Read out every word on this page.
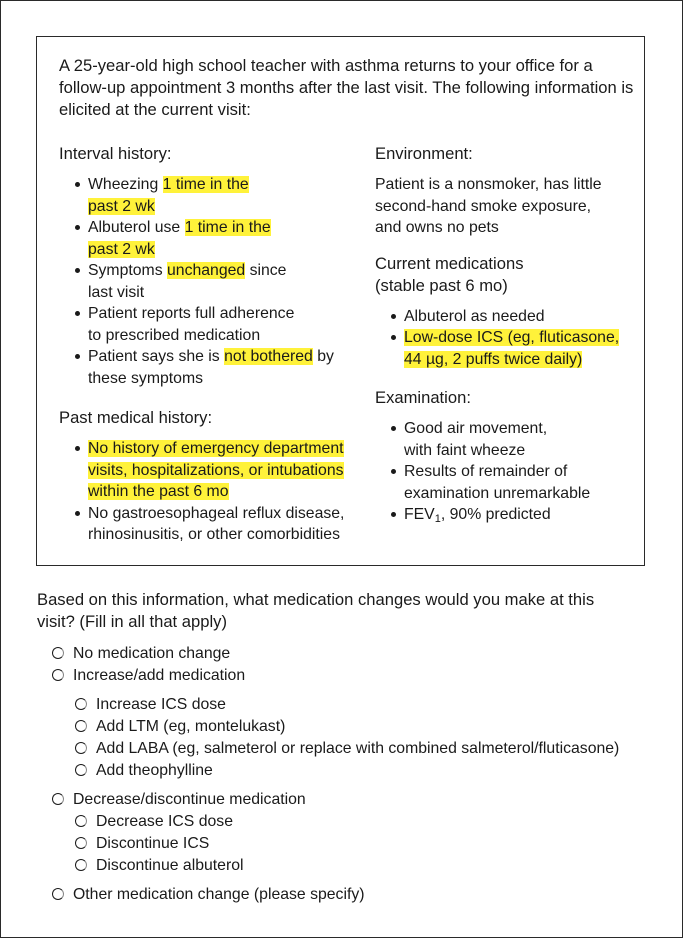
A 25-year-old high school teacher with asthma returns to your office for a follow-up appointment 3 months after the last visit. The following information is elicited at the current visit:

Interval history:
Wheezing 1 time in the past 2 wk
Albuterol use 1 time in the past 2 wk
Symptoms unchanged since last visit
Patient reports full adherence to prescribed medication
Patient says she is not bothered by these symptoms
Past medical history:
No history of emergency department visits, hospitalizations, or intubations within the past 6 mo
No gastroesophageal reflux disease, rhinosinusitis, or other comorbidities
Environment:
Patient is a nonsmoker, has little second-hand smoke exposure, and owns no pets
Current medications (stable past 6 mo)
Albuterol as needed
Low-dose ICS (eg, fluticasone, 44 µg, 2 puffs twice daily)
Examination:
Good air movement, with faint wheeze
Results of remainder of examination unremarkable
$FEV_1$, 90% predicted

Based on this information, what medication changes would you make at this visit? (Fill in all that apply)

No medication change
Increase/add medication
Increase ICS dose
Add LTM (eg, montelukast)
Add LABA (eg, salmeterol or replace with combined salmeterol/fluticasone)
Add theophylline
Decrease/discontinue medication
Decrease ICS dose
Discontinue ICS
Discontinue albuterol
Other medication change (please specify)
